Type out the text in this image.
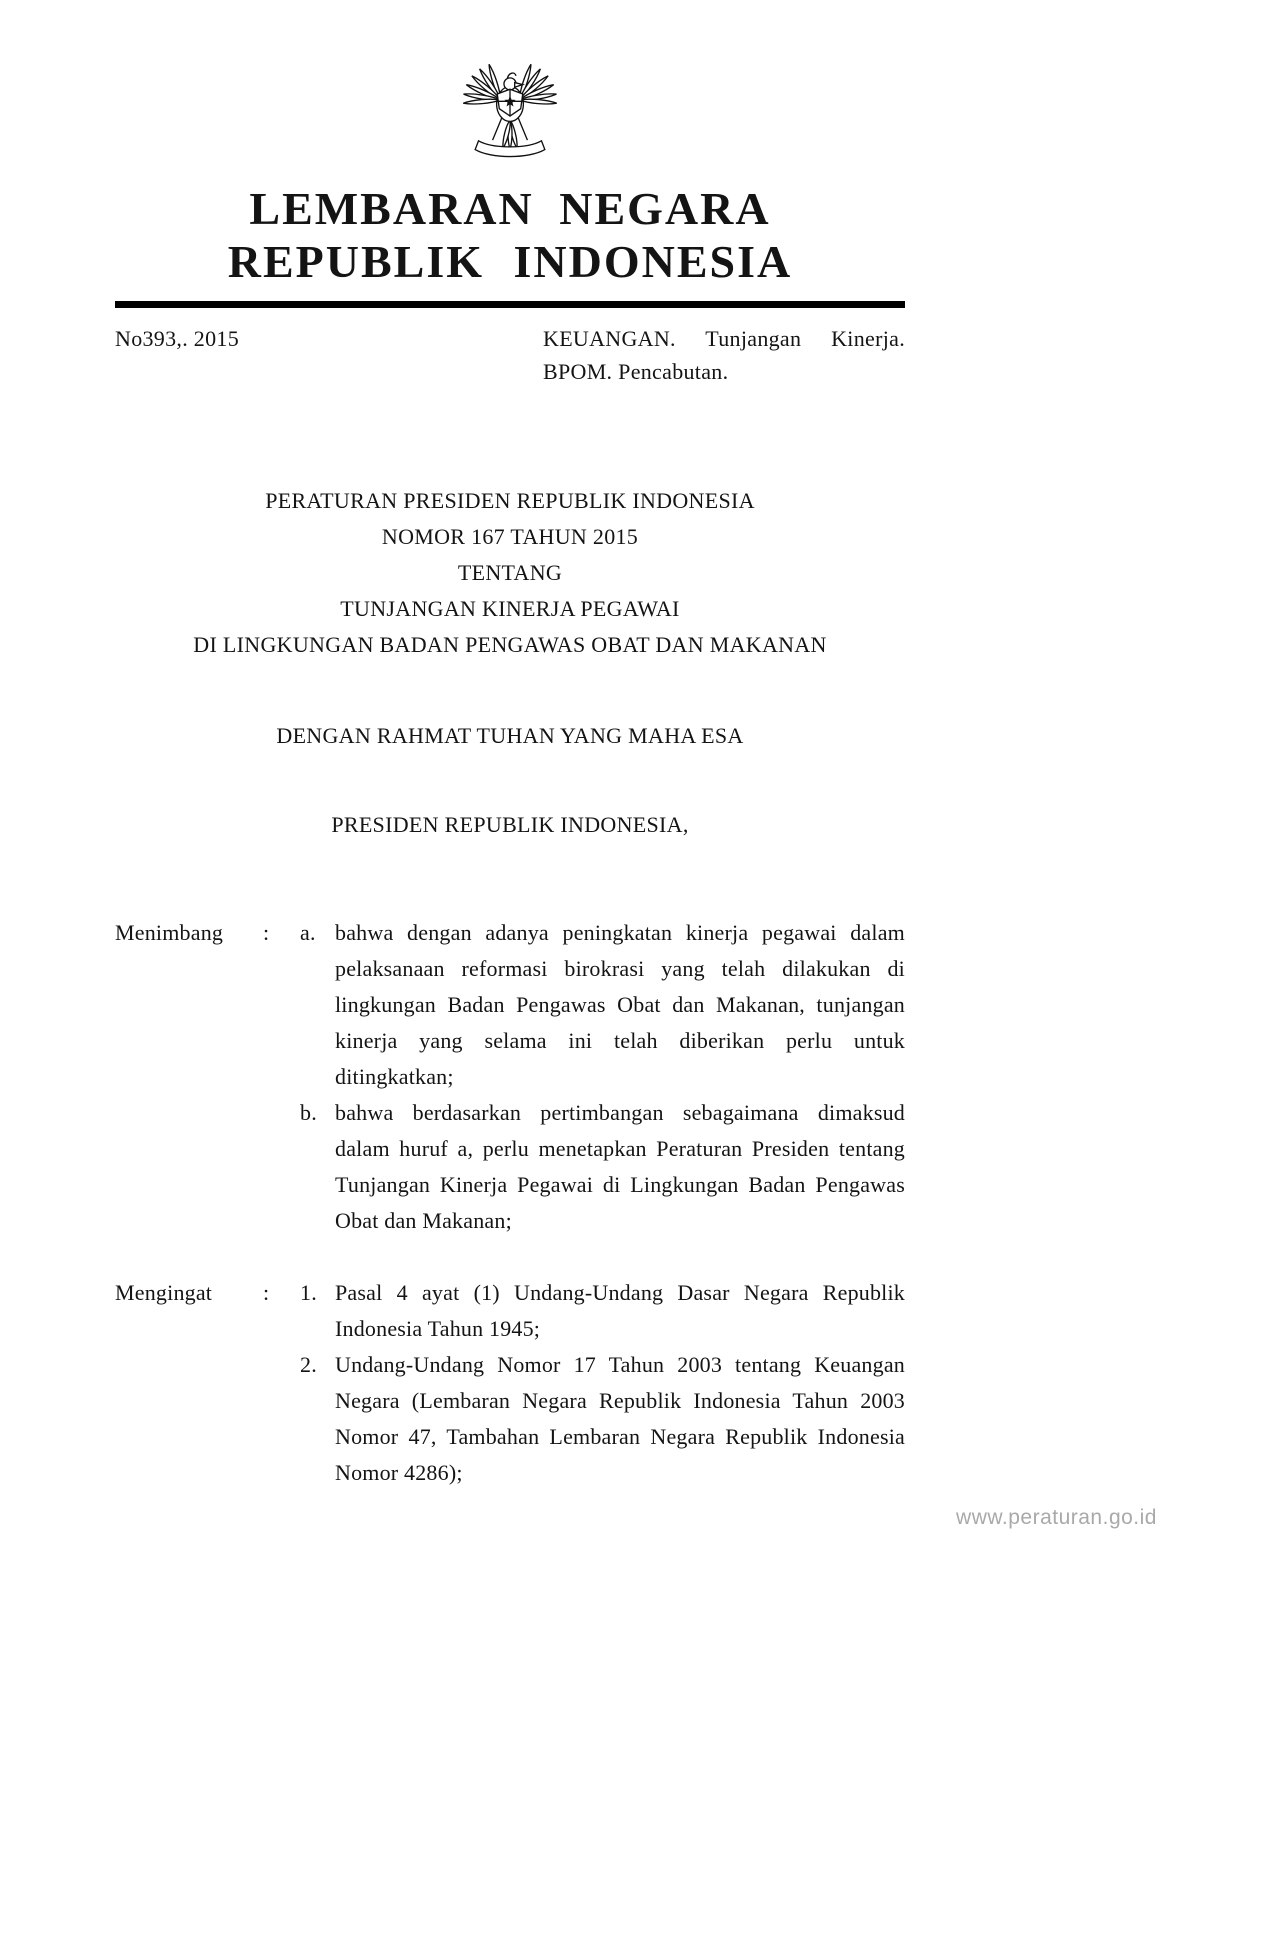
LEMBARAN NEGARA
REPUBLIK INDONESIA
No393,. 2015	KEUANGAN. Tunjangan Kinerja.
BPOM. Pencabutan.
PERATURAN PRESIDEN REPUBLIK INDONESIA
NOMOR 167 TAHUN 2015
TENTANG
TUNJANGAN KINERJA PEGAWAI
DI LINGKUNGAN BADAN PENGAWAS OBAT DAN MAKANAN
DENGAN RAHMAT TUHAN YANG MAHA ESA
PRESIDEN REPUBLIK INDONESIA,
Menimbang	:	a. bahwa dengan adanya peningkatan kinerja pegawai dalam pelaksanaan reformasi birokrasi yang telah dilakukan di lingkungan Badan Pengawas Obat dan Makanan, tunjangan kinerja yang selama ini telah diberikan perlu untuk ditingkatkan;
b. bahwa berdasarkan pertimbangan sebagaimana dimaksud dalam huruf a, perlu menetapkan Peraturan Presiden tentang Tunjangan Kinerja Pegawai di Lingkungan Badan Pengawas Obat dan Makanan;
Mengingat	:	1. Pasal 4 ayat (1) Undang-Undang Dasar Negara Republik Indonesia Tahun 1945;
2. Undang-Undang Nomor 17 Tahun 2003 tentang Keuangan Negara (Lembaran Negara Republik Indonesia Tahun 2003 Nomor 47, Tambahan Lembaran Negara Republik Indonesia Nomor 4286);
www.peraturan.go.id
